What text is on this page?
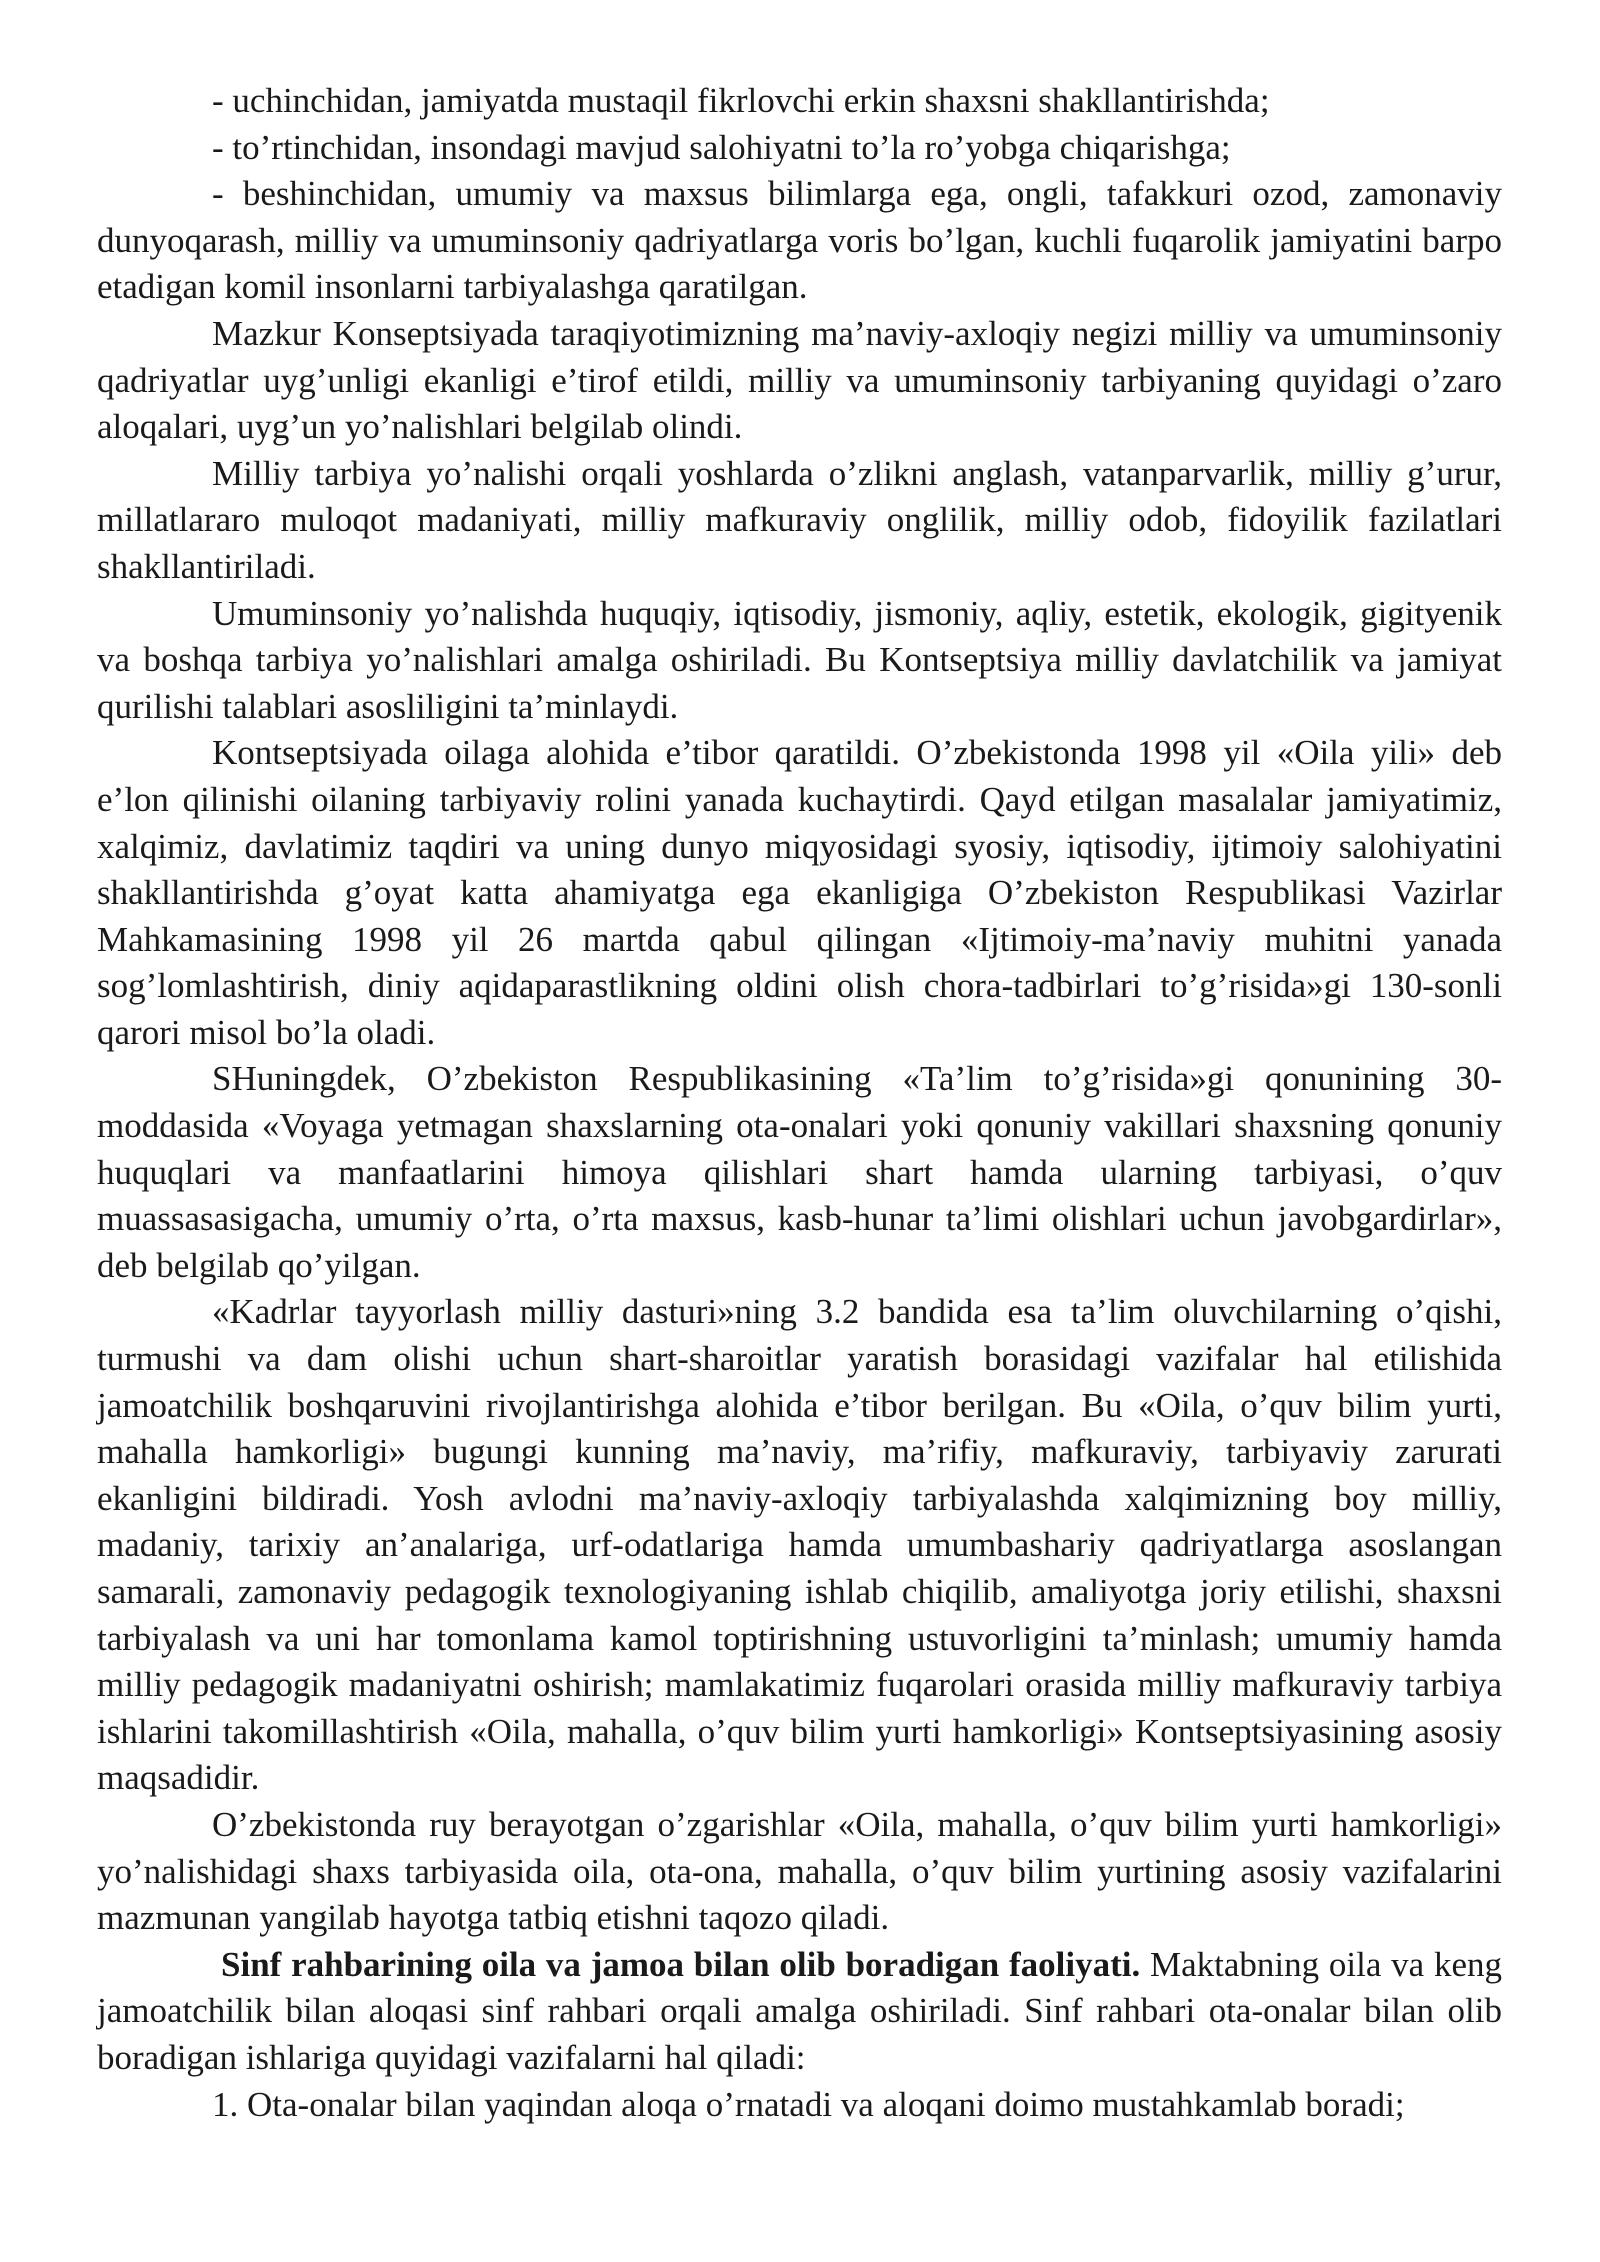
- uchinchidan, jamiyatda mustaqil fikrlovchi erkin shaxsni shakllantirishda;

- to’rtinchidan, insondagi mavjud salohiyatni to’la ro’yobga chiqarishga;

- beshinchidan, umumiy va maxsus bilimlarga ega, ongli, tafakkuri ozod, zamonaviy dunyoqarash, milliy va umuminsoniy qadriyatlarga voris bo’lgan, kuchli fuqarolik jamiyatini barpo etadigan komil insonlarni tarbiyalashga qaratilgan.

Mazkur Konseptsiyada taraqiyotimizning ma’naviy-axloqiy negizi milliy va umuminsoniy qadriyatlar uyg’unligi ekanligi e’tirof etildi, milliy va umuminsoniy tarbiyaning quyidagi o’zaro aloqalari, uyg’un yo’nalishlari belgilab olindi.

Milliy tarbiya yo’nalishi orqali yoshlarda o’zlikni anglash, vatanparvarlik, milliy g’urur, millatlararo muloqot madaniyati, milliy mafkuraviy onglilik, milliy odob, fidoyilik fazilatlari shakllantiriladi.

Umuminsoniy yo’nalishda huquqiy, iqtisodiy, jismoniy, aqliy, estetik, ekologik, gigityenik va boshqa tarbiya yo’nalishlari amalga oshiriladi. Bu Kontseptsiya milliy davlatchilik va jamiyat qurilishi talablari asosliligini ta’minlaydi.

Kontseptsiyada oilaga alohida e’tibor qaratildi. O’zbekistonda 1998 yil «Oila yili» deb e’lon qilinishi oilaning tarbiyaviy rolini yanada kuchaytirdi. Qayd etilgan masalalar jamiyatimiz, xalqimiz, davlatimiz taqdiri va uning dunyo miqyosidagi syosiy, iqtisodiy, ijtimoiy salohiyatini shakllantirishda g’oyat katta ahamiyatga ega ekanligiga O’zbekiston Respublikasi Vazirlar Mahkamasining 1998 yil 26 martda qabul qilingan «Ijtimoiy-ma’naviy muhitni yanada sog’lomlashtirish, diniy aqidaparastlikning oldini olish chora-tadbirlari to’g’risida»gi 130-sonli qarori misol bo’la oladi.

SHuningdek, O’zbekiston Respublikasining «Ta’lim to’g’risida»gi qonunining 30-moddasida «Voyaga yetmagan shaxslarning ota-onalari yoki qonuniy vakillari shaxsning qonuniy huquqlari va manfaatlarini himoya qilishlari shart hamda ularning tarbiyasi, o’quv muassasasigacha, umumiy o’rta, o’rta maxsus, kasb-hunar ta’limi olishlari uchun javobgardirlar», deb belgilab qo’yilgan.

«Kadrlar tayyorlash milliy dasturi»ning 3.2 bandida esa ta’lim oluvchilarning o’qishi, turmushi va dam olishi uchun shart-sharoitlar yaratish borasidagi vazifalar hal etilishida jamoatchilik boshqaruvini rivojlantirishga alohida e’tibor berilgan. Bu «Oila, o’quv bilim yurti, mahalla hamkorligi» bugungi kunning ma’naviy, ma’rifiy, mafkuraviy, tarbiyaviy zarurati ekanligini bildiradi. Yosh avlodni ma’naviy-axloqiy tarbiyalashda xalqimizning boy milliy, madaniy, tarixiy an’analariga, urf-odatlariga hamda umumbashariy qadriyatlarga asoslangan samarali, zamonaviy pedagogik texnologiyaning ishlab chiqilib, amaliyotga joriy etilishi, shaxsni tarbiyalash va uni har tomonlama kamol toptirishning ustuvorligini ta’minlash; umumiy hamda milliy pedagogik madaniyatni oshirish; mamlakatimiz fuqarolari orasida milliy mafkuraviy tarbiya ishlarini takomillashtirish «Oila, mahalla, o’quv bilim yurti hamkorligi» Kontseptsiyasining asosiy maqsadidir.

O’zbekistonda ruy berayotgan o’zgarishlar «Oila, mahalla, o’quv bilim yurti hamkorligi» yo’nalishidagi shaxs tarbiyasida oila, ota-ona, mahalla, o’quv bilim yurtining asosiy vazifalarini mazmunan yangilab hayotga tatbiq etishni taqozo qiladi.

Sinf rahbarining oila va jamoa bilan olib boradigan faoliyati. Maktabning oila va keng jamoatchilik bilan aloqasi sinf rahbari orqali amalga oshiriladi. Sinf rahbari ota-onalar bilan olib boradigan ishlariga quyidagi vazifalarni hal qiladi:

1. Ota-onalar bilan yaqindan aloqa o’rnatadi va aloqani doimo mustahkamlab boradi;
